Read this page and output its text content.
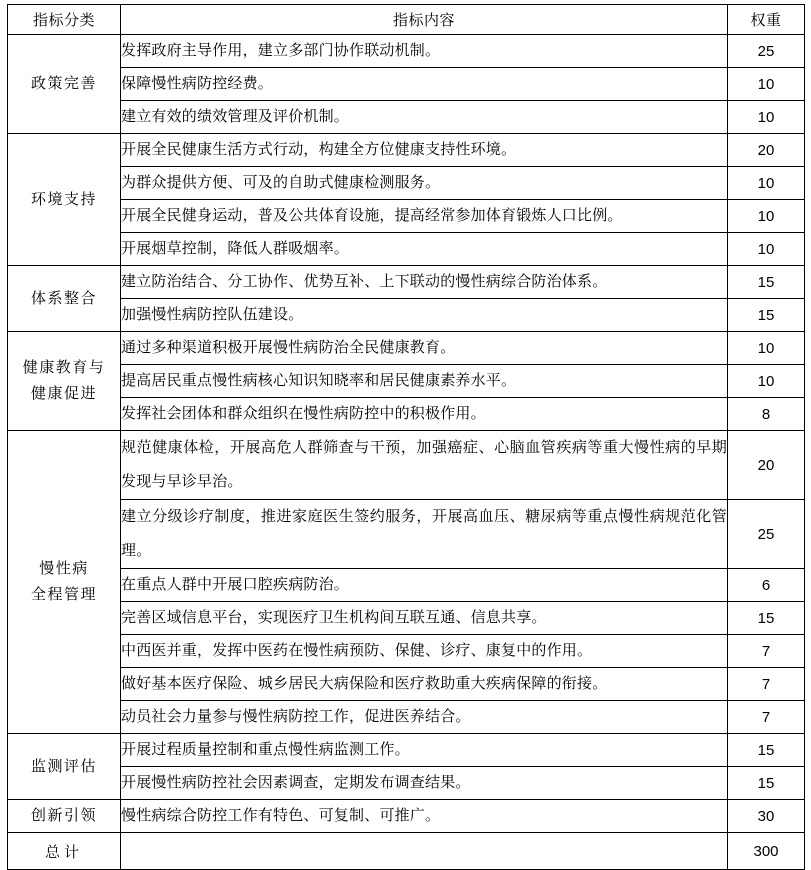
指标分类	指标内容	权重

政策完善	发挥政府主导作用，建立多部门协作联动机制。	25
	保障慢性病防控经费。	10
	建立有效的绩效管理及评价机制。	10

环境支持	开展全民健康生活方式行动，构建全方位健康支持性环境。	20
	为群众提供方便、可及的自助式健康检测服务。	10
	开展全民健身运动，普及公共体育设施，提高经常参加体育锻炼人口比例。	10
	开展烟草控制，降低人群吸烟率。	10

体系整合	建立防治结合、分工协作、优势互补、上下联动的慢性病综合防治体系。	15
	加强慢性病防控队伍建设。	15

健康教育与
健康促进	通过多种渠道积极开展慢性病防治全民健康教育。	10
	提高居民重点慢性病核心知识知晓率和居民健康素养水平。	10
	发挥社会团体和群众组织在慢性病防控中的积极作用。	8

慢性病
全程管理	规范健康体检，开展高危人群筛查与干预，加强癌症、心脑血管疾病等重大慢性病的早期发现与早诊早治。	20
	建立分级诊疗制度，推进家庭医生签约服务，开展高血压、糖尿病等重点慢性病规范化管理。	25
	在重点人群中开展口腔疾病防治。	6
	完善区域信息平台，实现医疗卫生机构间互联互通、信息共享。	15
	中西医并重，发挥中医药在慢性病预防、保健、诊疗、康复中的作用。	7
	做好基本医疗保险、城乡居民大病保险和医疗救助重大疾病保障的衔接。	7
	动员社会力量参与慢性病防控工作，促进医养结合。	7

监测评估	开展过程质量控制和重点慢性病监测工作。	15
	开展慢性病防控社会因素调查，定期发布调查结果。	15

创新引领	慢性病综合防控工作有特色、可复制、可推广。	30
总计		300
